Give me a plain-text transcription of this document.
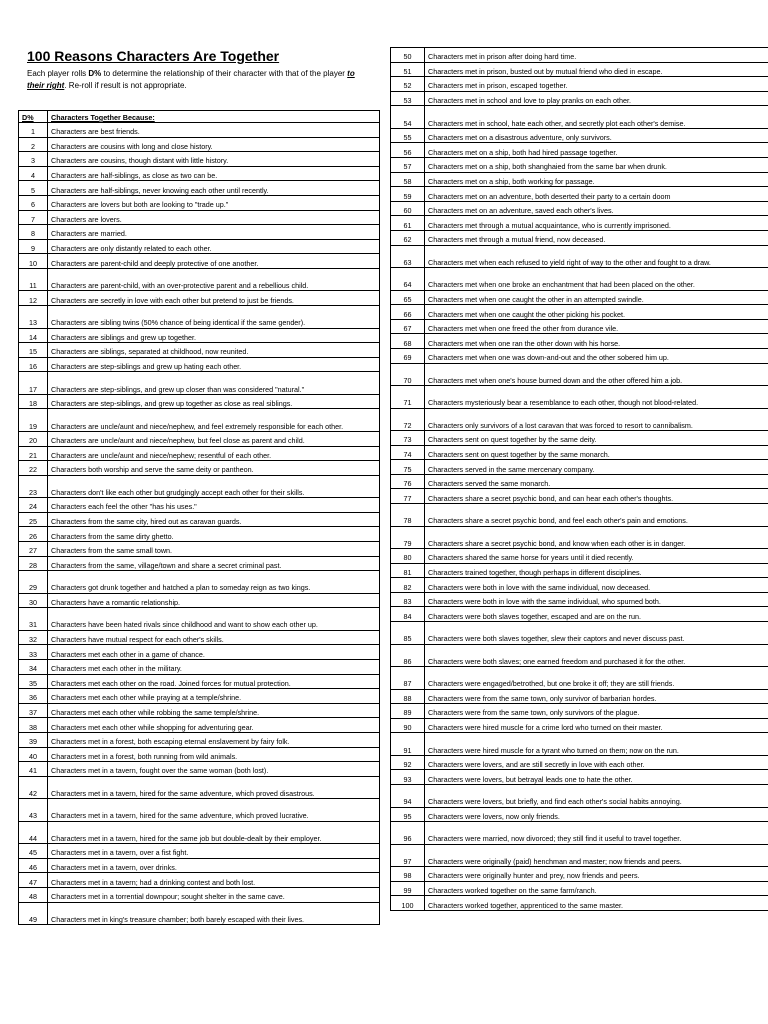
100 Reasons Characters Are Together
Each player rolls D% to determine the relationship of their character with that of the player to their right. Re-roll if result is not appropriate.
D%	Characters Together Because:
1	Characters are best friends.
2	Characters are cousins with long and close history.
3	Characters are cousins, though distant with little history.
4	Characters are half-siblings, as close as two can be.
5	Characters are half-siblings, never knowing each other until recently.
6	Characters are lovers but both are looking to "trade up."
7	Characters are lovers.
8	Characters are married.
9	Characters are only distantly related to each other.
10	Characters are parent-child and deeply protective of one another.
11	Characters are parent-child, with an over-protective parent and a rebellious child.
12	Characters are secretly in love with each other but pretend to just be friends.
13	Characters are sibling twins (50% chance of being identical if the same gender).
14	Characters are siblings and grew up together.
15	Characters are siblings, separated at childhood, now reunited.
16	Characters are step-siblings and grew up hating each other.
17	Characters are step-siblings, and grew up closer than was considered "natural."
18	Characters are step-siblings, and grew up together as close as real siblings.
19	Characters are uncle/aunt and niece/nephew, and feel extremely responsible for each other.
20	Characters are uncle/aunt and niece/nephew, but feel close as parent and child.
21	Characters are uncle/aunt and niece/nephew; resentful of each other.
22	Characters both worship and serve the same deity or pantheon.
23	Characters don't like each other but grudgingly accept each other for their skills.
24	Characters each feel the other "has his uses."
25	Characters from the same city, hired out as caravan guards.
26	Characters from the same dirty ghetto.
27	Characters from the same small town.
28	Characters from the same, village/town and share a secret criminal past.
29	Characters got drunk together and hatched a plan to someday reign as two kings.
30	Characters have a romantic relationship.
31	Characters have been hated rivals since childhood and want to show each other up.
32	Characters have mutual respect for each other's skills.
33	Characters met each other in a game of chance.
34	Characters met each other in the military.
35	Characters met each other on the road. Joined forces for mutual protection.
36	Characters met each other while praying at a temple/shrine.
37	Characters met each other while robbing the same temple/shrine.
38	Characters met each other while shopping for adventuring gear.
39	Characters met in a forest, both escaping eternal enslavement by fairy folk.
40	Characters met in a forest, both running from wild animals.
41	Characters met in a tavern, fought over the same woman (both lost).
42	Characters met in a tavern, hired for the same adventure, which proved disastrous.
43	Characters met in a tavern, hired for the same adventure, which proved lucrative.
44	Characters met in a tavern, hired for the same job but double-dealt by their employer.
45	Characters met in a tavern, over a fist fight.
46	Characters met in a tavern, over drinks.
47	Characters met in a tavern; had a drinking contest and both lost.
48	Characters met in a torrential downpour; sought shelter in the same cave.
49	Characters met in king's treasure chamber; both barely escaped with their lives.
50	Characters met in prison after doing hard time.
51	Characters met in prison, busted out by mutual friend who died in escape.
52	Characters met in prison, escaped together.
53	Characters met in school and love to play pranks on each other.
54	Characters met in school, hate each other, and secretly plot each other's demise.
55	Characters met on a disastrous adventure, only survivors.
56	Characters met on a ship, both had hired passage together.
57	Characters met on a ship, both shanghaied from the same bar when drunk.
58	Characters met on a ship, both working for passage.
59	Characters met on an adventure, both deserted their party to a certain doom
60	Characters met on an adventure, saved each other's lives.
61	Characters met through a mutual acquaintance, who is currently imprisoned.
62	Characters met through a mutual friend, now deceased.
63	Characters met when each refused to yield right of way to the other and fought to a draw.
64	Characters met when one broke an enchantment that had been placed on the other.
65	Characters met when one caught the other in an attempted swindle.
66	Characters met when one caught the other picking his pocket.
67	Characters met when one freed the other from durance vile.
68	Characters met when one ran the other down with his horse.
69	Characters met when one was down-and-out and the other sobered him up.
70	Characters met when one's house burned down and the other offered him a job.
71	Characters mysteriously bear a resemblance to each other, though not blood-related.
72	Characters only survivors of a lost caravan that was forced to resort to cannibalism.
73	Characters sent on quest together by the same deity.
74	Characters sent on quest together by the same monarch.
75	Characters served in the same mercenary company.
76	Characters served the same monarch.
77	Characters share a secret psychic bond, and can hear each other's thoughts.
78	Characters share a secret psychic bond, and feel each other's pain and emotions.
79	Characters share a secret psychic bond, and know when each other is in danger.
80	Characters shared the same horse for years until it died recently.
81	Characters trained together, though perhaps in different disciplines.
82	Characters were both in love with the same individual, now deceased.
83	Characters were both in love with the same individual, who spurned both.
84	Characters were both slaves together, escaped and are on the run.
85	Characters were both slaves together, slew their captors and never discuss past.
86	Characters were both slaves; one earned freedom and purchased it for the other.
87	Characters were engaged/betrothed, but one broke it off; they are still friends.
88	Characters were from the same town, only survivor of barbarian hordes.
89	Characters were from the same town, only survivors of the plague.
90	Characters were hired muscle for a crime lord who turned on their master.
91	Characters were hired muscle for a tyrant who turned on them; now on the run.
92	Characters were lovers, and are still secretly in love with each other.
93	Characters were lovers, but betrayal leads one to hate the other.
94	Characters were lovers, but briefly, and find each other's social habits annoying.
95	Characters were lovers, now only friends.
96	Characters were married, now divorced; they still find it useful to travel together.
97	Characters were originally (paid) henchman and master; now friends and peers.
98	Characters were originally hunter and prey, now friends and peers.
99	Characters worked together on the same farm/ranch.
100	Characters worked together, apprenticed to the same master.
